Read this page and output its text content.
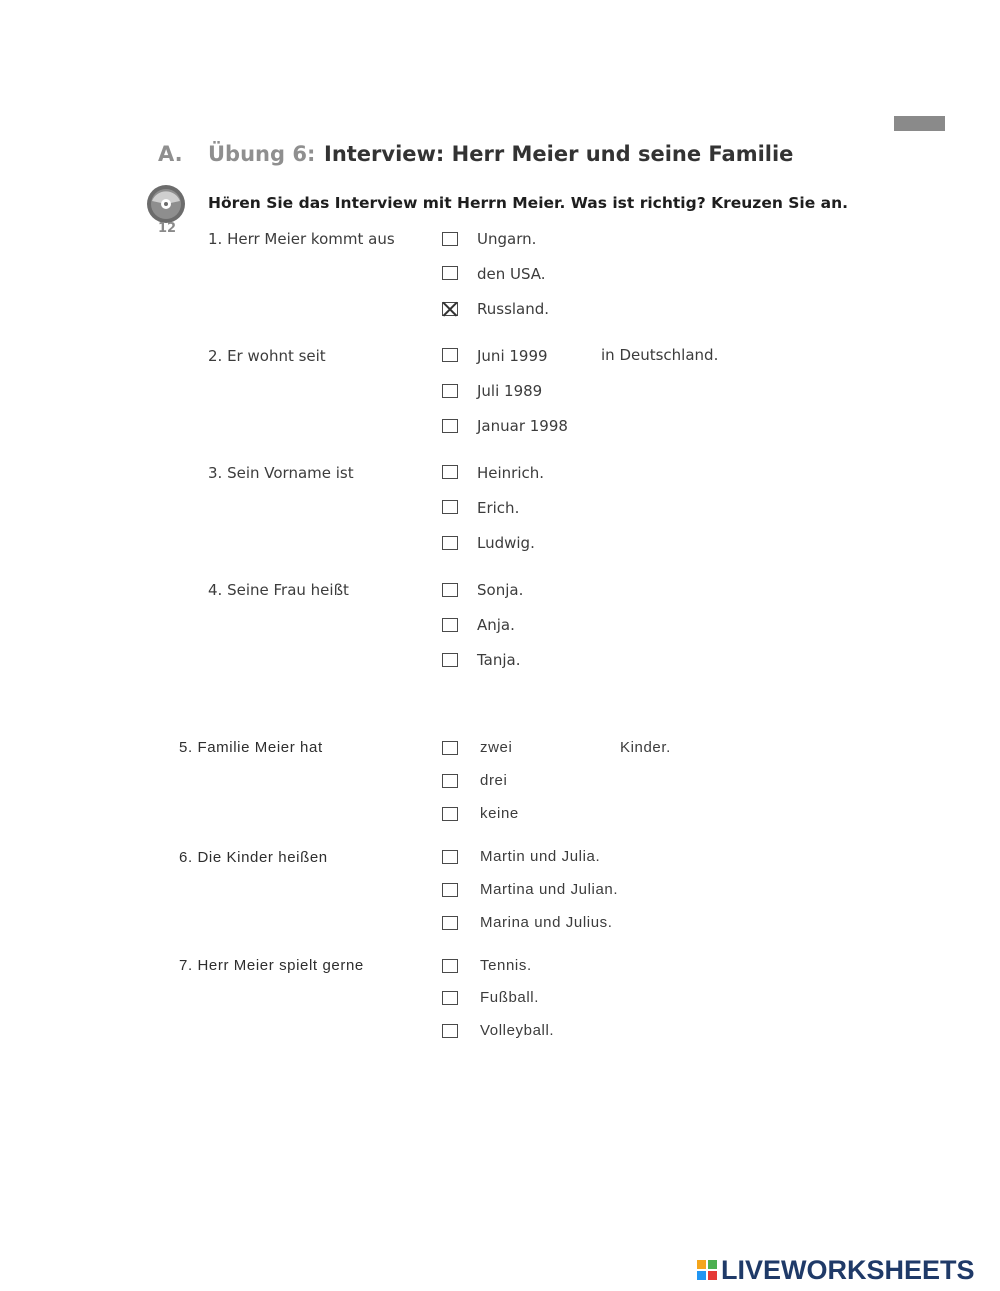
A. Übung 6: Interview: Herr Meier und seine Familie
12
Hören Sie das Interview mit Herrn Meier. Was ist richtig? Kreuzen Sie an.
1. Herr Meier kommt aus	Ungarn.
den USA.
Russland.
2. Er wohnt seit	Juni 1999	in Deutschland.
Juli 1989
Januar 1998
3. Sein Vorname ist	Heinrich.
Erich.
Ludwig.
4. Seine Frau heißt	Sonja.
Anja.
Tanja.
5. Familie Meier hat	zwei	Kinder.
drei
keine
6. Die Kinder heißen	Martin und Julia.
Martina und Julian.
Marina und Julius.
7. Herr Meier spielt gerne	Tennis.
Fußball.
Volleyball.
LIVEWORKSHEETS
